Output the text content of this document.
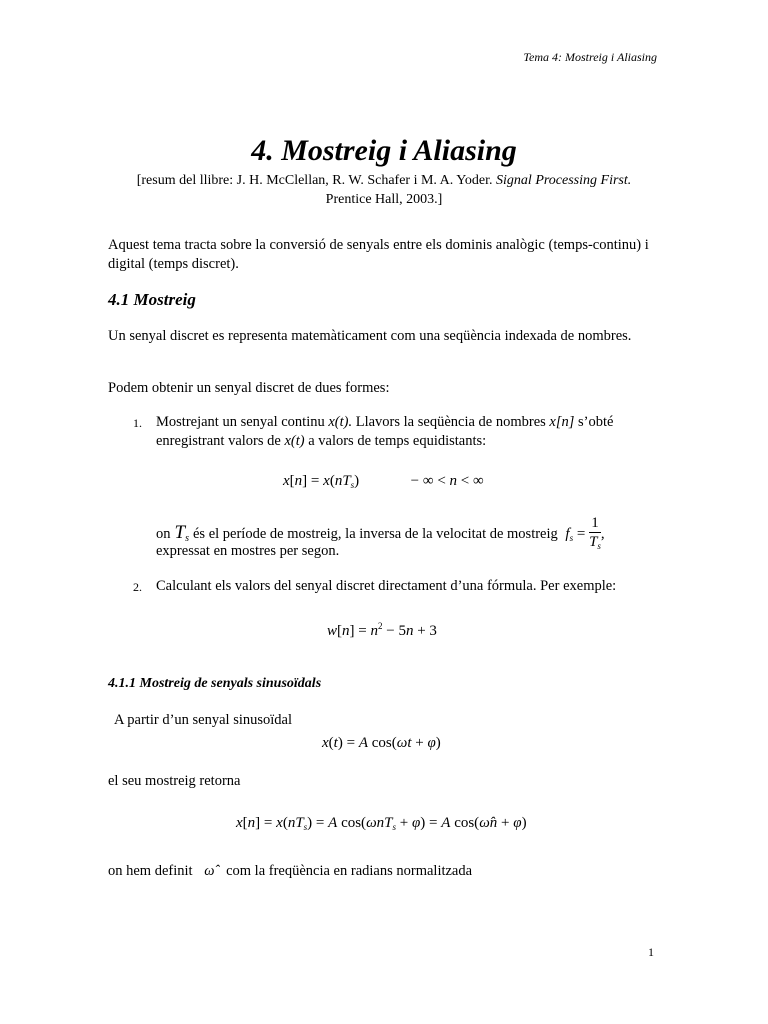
Tema 4: Mostreig i Aliasing
4. Mostreig i Aliasing
[resum del llibre: J. H. McClellan, R. W. Schafer i M. A. Yoder. Signal Processing First.
Prentice Hall, 2003.]
Aquest tema tracta sobre la conversió de senyals entre els dominis analògic (temps-continu) i digital (temps discret).
4.1 Mostreig
Un senyal discret es representa matemàticament com una seqüència indexada de nombres.
Podem obtenir un senyal discret de dues formes:
1. Mostrejant un senyal continu x(t). Llavors la seqüència de nombres x[n] s’obté enregistrant valors de x(t) a valors de temps equidistants:
$x[n] = x(nT_s)$	− ∞ < n < ∞
on $T_s$ és el període de mostreig, la inversa de la velocitat de mostreig $f_s = \frac{1}{T_s}$ ,
expressat en mostres per segon.
2. Calculant els valors del senyal discret directament d’una fórmula. Per exemple:
$w[n] = n^2 - 5n + 3$
4.1.1 Mostreig de senyals sinusoïdals
A partir d’un senyal sinusoïdal
x(t) = A cos(ωt + φ)
el seu mostreig retorna
$x[n] = x(nT_s) = A$ cos(ωnT$_s$ + φ) = A cos(ω̂n + φ)
on hem definit ω̂ com la freqüència en radians normalitzada
1
